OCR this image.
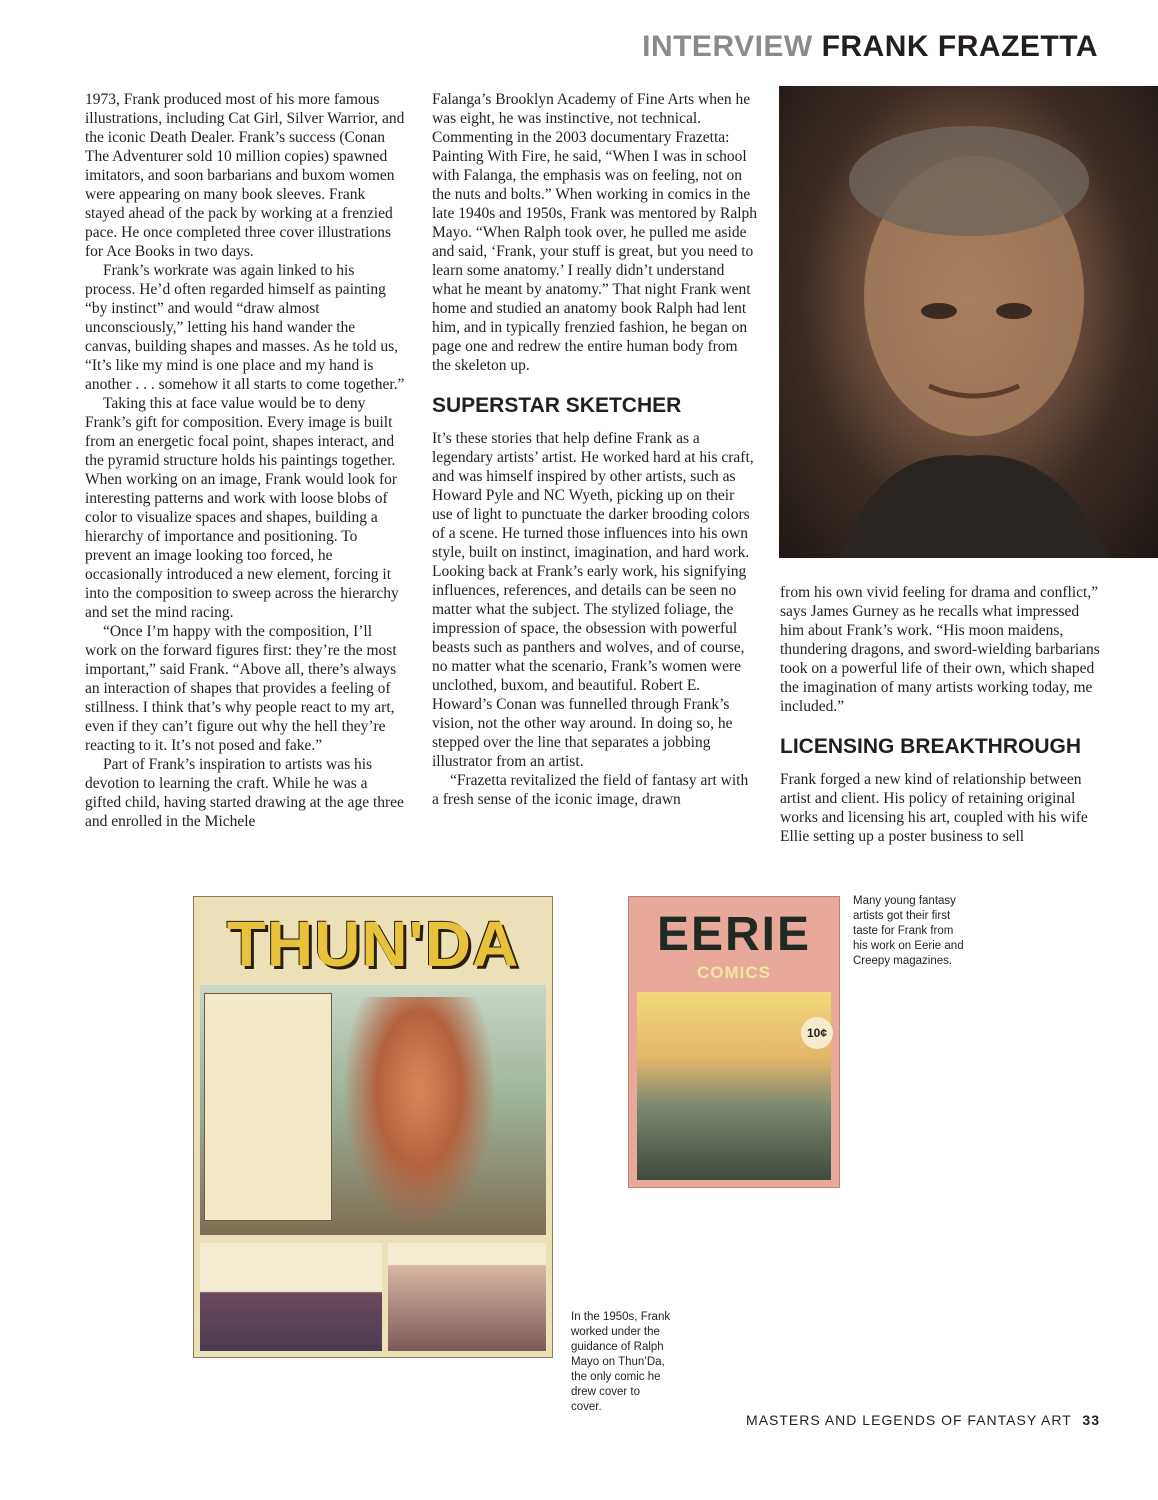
INTERVIEW FRANK FRAZETTA

1973, Frank produced most of his more famous illustrations, including Cat Girl, Silver Warrior, and the iconic Death Dealer. Frank’s success (Conan The Adventurer sold 10 million copies) spawned imitators, and soon barbarians and buxom women were appearing on many book sleeves. Frank stayed ahead of the pack by working at a frenzied pace. He once completed three cover illustrations for Ace Books in two days.

Frank’s workrate was again linked to his process. He’d often regarded himself as painting “by instinct” and would “draw almost unconsciously,” letting his hand wander the canvas, building shapes and masses. As he told us, “It’s like my mind is one place and my hand is another . . . somehow it all starts to come together.”

Taking this at face value would be to deny Frank’s gift for composition. Every image is built from an energetic focal point, shapes interact, and the pyramid structure holds his paintings together. When working on an image, Frank would look for interesting patterns and work with loose blobs of color to visualize spaces and shapes, building a hierarchy of importance and positioning. To prevent an image looking too forced, he occasionally introduced a new element, forcing it into the composition to sweep across the hierarchy and set the mind racing.

“Once I’m happy with the composition, I’ll work on the forward figures first: they’re the most important,” said Frank. “Above all, there’s always an interaction of shapes that provides a feeling of stillness. I think that’s why people react to my art, even if they can’t figure out why the hell they’re reacting to it. It’s not posed and fake.”

Part of Frank’s inspiration to artists was his devotion to learning the craft. While he was a gifted child, having started drawing at the age three and enrolled in the Michele

Falanga’s Brooklyn Academy of Fine Arts when he was eight, he was instinctive, not technical. Commenting in the 2003 documentary Frazetta: Painting With Fire, he said, “When I was in school with Falanga, the emphasis was on feeling, not on the nuts and bolts.” When working in comics in the late 1940s and 1950s, Frank was mentored by Ralph Mayo. “When Ralph took over, he pulled me aside and said, ‘Frank, your stuff is great, but you need to learn some anatomy.’ I really didn’t understand what he meant by anatomy.” That night Frank went home and studied an anatomy book Ralph had lent him, and in typically frenzied fashion, he began on page one and redrew the entire human body from the skeleton up.

SUPERSTAR SKETCHER

It’s these stories that help define Frank as a legendary artists’ artist. He worked hard at his craft, and was himself inspired by other artists, such as Howard Pyle and NC Wyeth, picking up on their use of light to punctuate the darker brooding colors of a scene. He turned those influences into his own style, built on instinct, imagination, and hard work. Looking back at Frank’s early work, his signifying influences, references, and details can be seen no matter what the subject. The stylized foliage, the impression of space, the obsession with powerful beasts such as panthers and wolves, and of course, no matter what the scenario, Frank’s women were unclothed, buxom, and beautiful. Robert E. Howard’s Conan was funnelled through Frank’s vision, not the other way around. In doing so, he stepped over the line that separates a jobbing illustrator from an artist.

“Frazetta revitalized the field of fantasy art with a fresh sense of the iconic image, drawn

from his own vivid feeling for drama and conflict,” says James Gurney as he recalls what impressed him about Frank’s work. “His moon maidens, thundering dragons, and sword-wielding barbarians took on a powerful life of their own, which shaped the imagination of many artists working today, me included.”

LICENSING BREAKTHROUGH

Frank forged a new kind of relationship between artist and client. His policy of retaining original works and licensing his art, coupled with his wife Ellie setting up a poster business to sell

THUN'DA	EERIE
COMICS
10¢
Many young fantasy artists got their first taste for Frank from his work on Eerie and Creepy magazines.
In the 1950s, Frank worked under the guidance of Ralph Mayo on Thun’Da, the only comic he drew cover to cover.
MASTERS AND LEGENDS OF FANTASY ART 33
